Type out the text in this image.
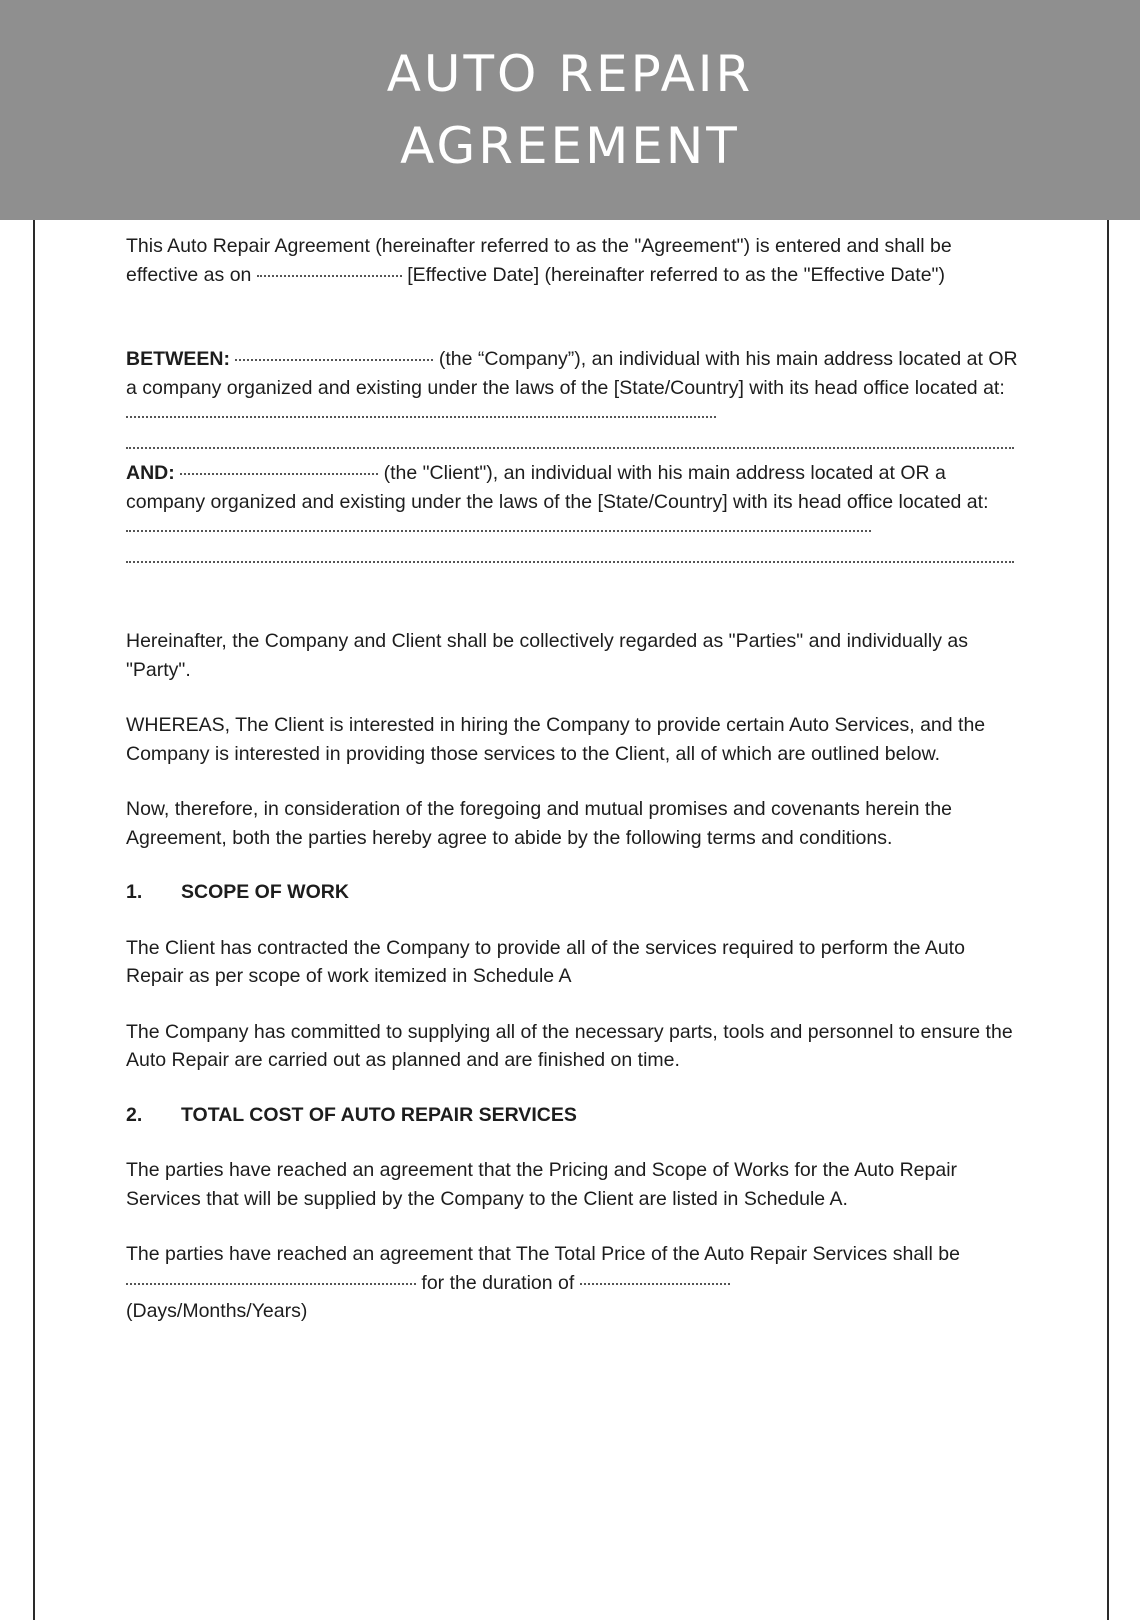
AUTO REPAIR
AGREEMENT

This Auto Repair Agreement (hereinafter referred to as the "Agreement") is entered and shall be effective as on	[Effective Date] (hereinafter referred to as the "Effective Date")

BETWEEN:	(the “Company”), an individual with his main address located at OR a company organized and existing under the laws of the [State/Country] with its head office located at:

AND:	(the "Client"), an individual with his main address located at OR a company organized and existing under the laws of the [State/Country] with its head office located at:

Hereinafter, the Company and Client shall be collectively regarded as "Parties" and individually as "Party".

WHEREAS, The Client is interested in hiring the Company to provide certain Auto Services, and the Company is interested in providing those services to the Client, all of which are outlined below.

Now, therefore, in consideration of the foregoing and mutual promises and covenants herein the Agreement, both the parties hereby agree to abide by the following terms and conditions.

1.	SCOPE OF WORK

The Client has contracted the Company to provide all of the services required to perform the Auto Repair as per scope of work itemized in Schedule A

The Company has committed to supplying all of the necessary parts, tools and personnel to ensure the Auto Repair are carried out as planned and are finished on time.

2.	TOTAL COST OF AUTO REPAIR SERVICES

The parties have reached an agreement that the Pricing and Scope of Works for the Auto Repair Services that will be supplied by the Company to the Client are listed in Schedule A.

The parties have reached an agreement that The Total Price of the Auto Repair Services shall be for the duration of
(Days/Months/Years)
